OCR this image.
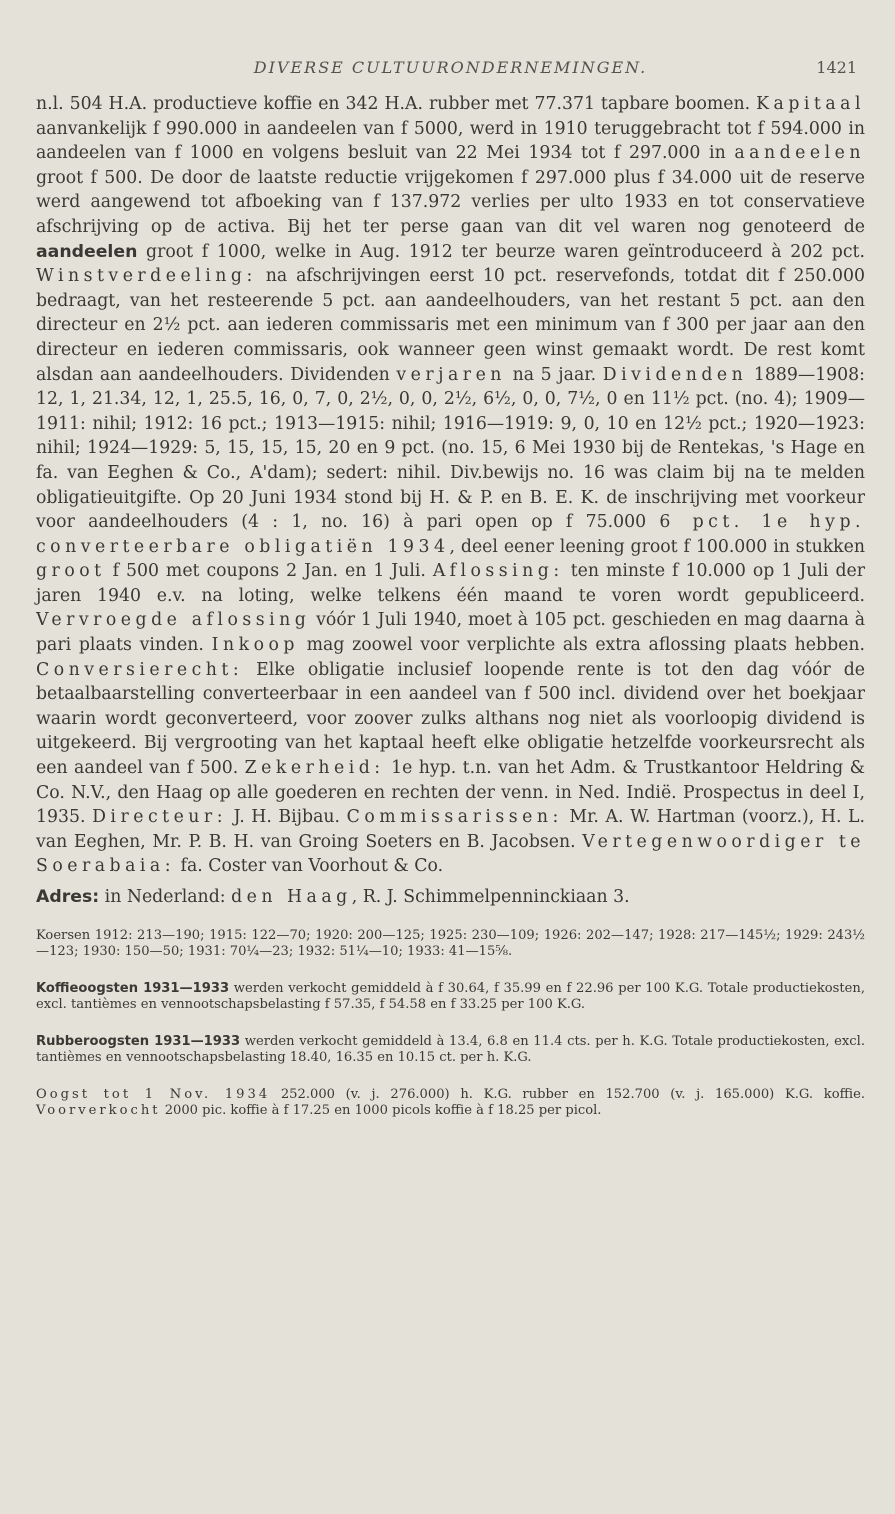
DIVERSE CULTUURONDERNEMINGEN.	1421

n.l. 504 H.A. productieve koffie en 342 H.A. rubber met 77.371 tapbare boomen. Kapitaal aanvankelijk f 990.000 in aandeelen van f 5000, werd in 1910 teruggebracht tot f 594.000 in aandeelen van f 1000 en volgens besluit van 22 Mei 1934 tot f 297.000 in aandeelen groot f 500. De door de laatste reductie vrijgekomen f 297.000 plus f 34.000 uit de reserve werd aangewend tot afboeking van f 137.972 verlies per ulto 1933 en tot conservatieve afschrijving op de activa. Bij het ter perse gaan van dit vel waren nog genoteerd de aandeelen groot f 1000, welke in Aug. 1912 ter beurze waren geïntroduceerd à 202 pct. Winstverdeeling: na afschrijvingen eerst 10 pct. reservefonds, totdat dit f 250.000 bedraagt, van het resteerende 5 pct. aan aandeelhouders, van het restant 5 pct. aan den directeur en 2½ pct. aan iederen commissaris met een minimum van f 300 per jaar aan den directeur en iederen commissaris, ook wanneer geen winst gemaakt wordt. De rest komt alsdan aan aandeelhouders. Dividenden verjaren na 5 jaar. Dividenden 1889—1908: 12, 1, 21.34, 12, 1, 25.5, 16, 0, 7, 0, 2½, 0, 0, 2½, 6½, 0, 0, 7½, 0 en 11½ pct. (no. 4); 1909—1911: nihil; 1912: 16 pct.; 1913—1915: nihil; 1916—1919: 9, 0, 10 en 12½ pct.; 1920—1923: nihil; 1924—1929: 5, 15, 15, 15, 20 en 9 pct. (no. 15, 6 Mei 1930 bij de Rentekas, 's Hage en fa. van Eeghen & Co., A'dam); sedert: nihil. Div.bewijs no. 16 was claim bij na te melden obligatieuitgifte. Op 20 Juni 1934 stond bij H. & P. en B. E. K. de inschrijving met voorkeur voor aandeelhouders (4 : 1, no. 16) à pari open op f 75.000 6 pct. 1e hyp. converteerbare obligatiën 1934, deel eener leening groot f 100.000 in stukken groot f 500 met coupons 2 Jan. en 1 Juli. Aflossing: ten minste f 10.000 op 1 Juli der jaren 1940 e.v. na loting, welke telkens één maand te voren wordt gepubliceerd. Vervroegde aflossing vóór 1 Juli 1940, moet à 105 pct. geschieden en mag daarna à pari plaats vinden. Inkoop mag zoowel voor verplichte als extra aflossing plaats hebben. Conversierecht: Elke obligatie inclusief loopende rente is tot den dag vóór de betaalbaarstelling converteerbaar in een aandeel van f 500 incl. dividend over het boekjaar waarin wordt geconverteerd, voor zoover zulks althans nog niet als voorloopig dividend is uitgekeerd. Bij vergrooting van het kaptaal heeft elke obligatie hetzelfde voorkeursrecht als een aandeel van f 500. Zekerheid: 1e hyp. t.n. van het Adm. & Trustkantoor Heldring & Co. N.V., den Haag op alle goederen en rechten der venn. in Ned. Indië. Prospectus in deel I, 1935. Directeur: J. H. Bijbau. Commissarissen: Mr. A. W. Hartman (voorz.), H. L. van Eeghen, Mr. P. B. H. van Groing Soeters en B. Jacobsen. Vertegenwoordiger te Soerabaia: fa. Coster van Voorhout & Co.

Adres: in Nederland: den Haag, R. J. Schimmelpenninckiaan 3.

Koersen 1912: 213—190; 1915: 122—70; 1920: 200—125; 1925: 230—109; 1926: 202—147; 1928: 217—145½; 1929: 243½—123; 1930: 150—50; 1931: 70¼—23; 1932: 51¼—10; 1933: 41—15⅝.

Koffieoogsten 1931—1933 werden verkocht gemiddeld à f 30.64, f 35.99 en f 22.96 per 100 K.G. Totale productiekosten, excl. tantièmes en vennootschapsbelasting f 57.35, f 54.58 en f 33.25 per 100 K.G.

Rubberoogsten 1931—1933 werden verkocht gemiddeld à 13.4, 6.8 en 11.4 cts. per h. K.G. Totale productiekosten, excl. tantièmes en vennootschapsbelasting 18.40, 16.35 en 10.15 ct. per h. K.G.

Oogst tot 1 Nov. 1934 252.000 (v. j. 276.000) h. K.G. rubber en 152.700 (v. j. 165.000) K.G. koffie. Voorverkocht 2000 pic. koffie à f 17.25 en 1000 picols koffie à f 18.25 per picol.
